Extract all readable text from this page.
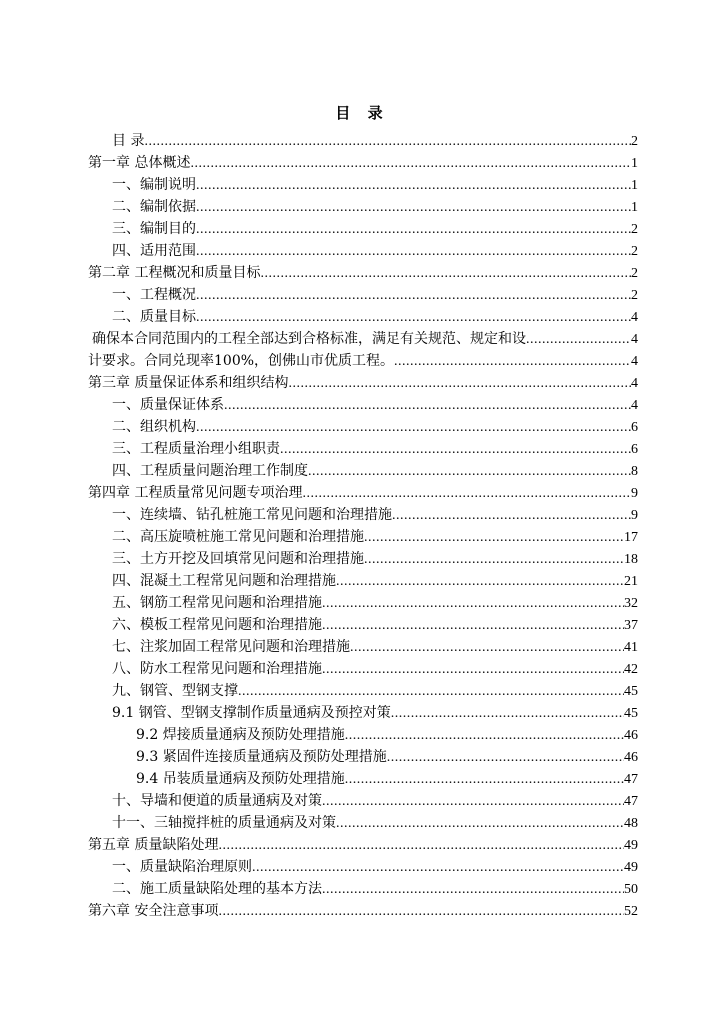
目 录
目 录 .....	2
第一章 总体概述 .....	1
一、编制说明 .....	1
二、编制依据 .....	1
三、编制目的 .....	2
四、适用范围 .....	2
第二章 工程概况和质量目标 .....	2
一、工程概况 .....	2
二、质量目标 .....	4
确保本合同范围内的工程全部达到合格标准，满足有关规范、规定和设 .....	4
计要求。合同兑现率100%，创佛山市优质工程。 .....	4
第三章 质量保证体系和组织结构 .....	4
一、质量保证体系 .....	4
二、组织机构 .....	6
三、工程质量治理小组职责 .....	6
四、工程质量问题治理工作制度 .....	8
第四章 工程质量常见问题专项治理 .....	9
一、连续墙、钻孔桩施工常见问题和治理措施 .....	9
二、高压旋喷桩施工常见问题和治理措施 .....	17
三、土方开挖及回填常见问题和治理措施 .....	18
四、混凝土工程常见问题和治理措施 .....	21
五、钢筋工程常见问题和治理措施 .....	32
六、模板工程常见问题和治理措施 .....	37
七、注浆加固工程常见问题和治理措施 .....	41
八、防水工程常见问题和治理措施 .....	42
九、钢管、型钢支撑 .....	45
9.1 钢管、型钢支撑制作质量通病及预控对策 .....	45
9.2 焊接质量通病及预防处理措施 .....	46
9.3 紧固件连接质量通病及预防处理措施 .....	46
9.4 吊装质量通病及预防处理措施 .....	47
十、导墙和便道的质量通病及对策 .....	47
十一、三轴搅拌桩的质量通病及对策 .....	48
第五章 质量缺陷处理 .....	49
一、质量缺陷治理原则 .....	49
二、施工质量缺陷处理的基本方法 .....	50
第六章 安全注意事项 .....	52
